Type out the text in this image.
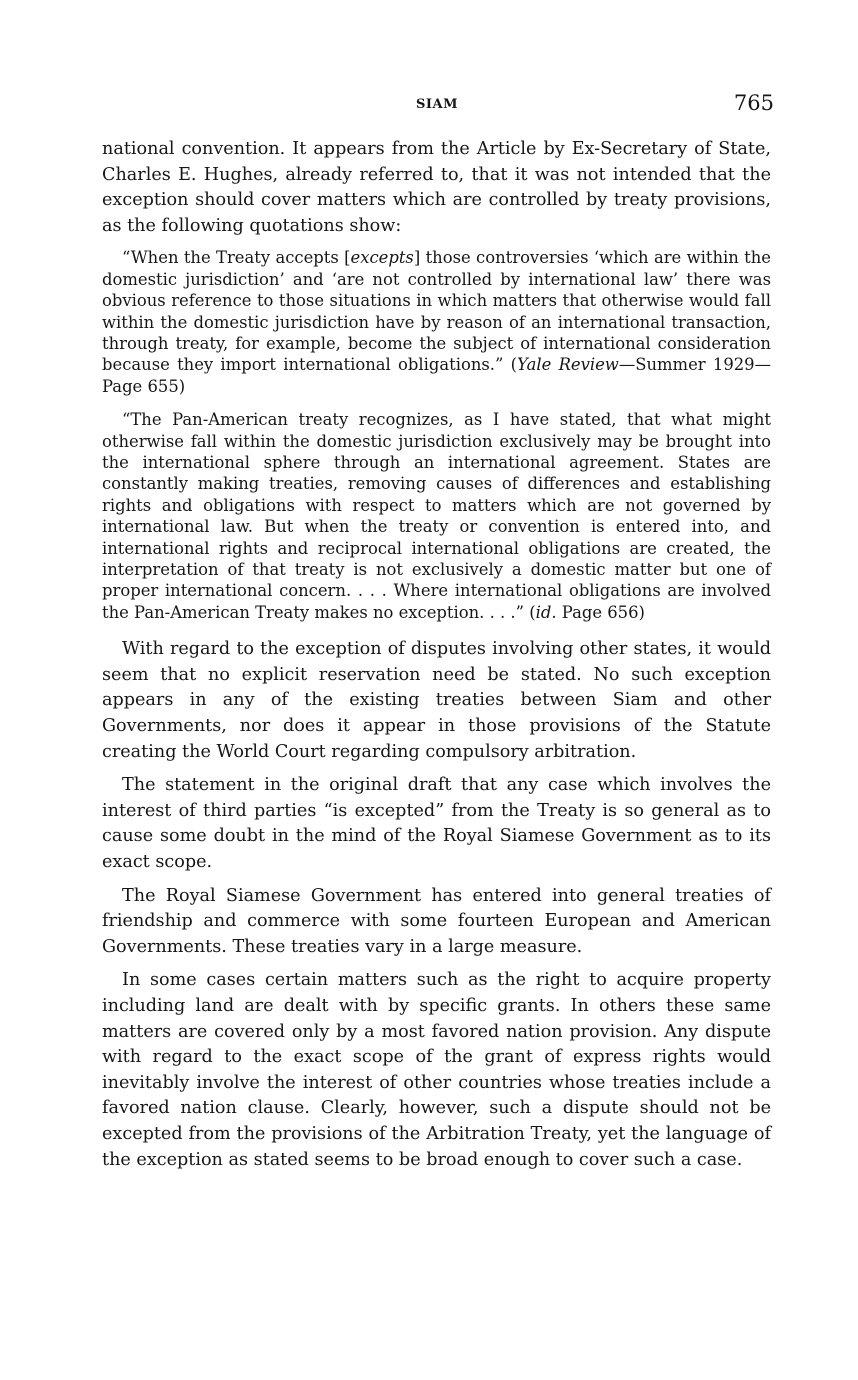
SIAM	765

national convention. It appears from the Article by Ex-Secretary of State, Charles E. Hughes, already referred to, that it was not intended that the exception should cover matters which are controlled by treaty provisions, as the following quotations show:

“When the Treaty accepts [excepts] those controversies ‘which are within the domestic jurisdiction’ and ‘are not controlled by international law’ there was obvious reference to those situations in which matters that otherwise would fall within the domestic jurisdiction have by reason of an international transaction, through treaty, for example, become the subject of international consideration because they import international obligations.” (Yale Review—Summer 1929—Page 655)

“The Pan-American treaty recognizes, as I have stated, that what might otherwise fall within the domestic jurisdiction exclusively may be brought into the international sphere through an international agreement. States are constantly making treaties, removing causes of differences and establishing rights and obligations with respect to matters which are not governed by international law. But when the treaty or convention is entered into, and international rights and reciprocal international obligations are created, the interpretation of that treaty is not exclusively a domestic matter but one of proper international concern. . . . Where international obligations are involved the Pan-American Treaty makes no exception. . . .” (id. Page 656)

With regard to the exception of disputes involving other states, it would seem that no explicit reservation need be stated. No such exception appears in any of the existing treaties between Siam and other Governments, nor does it appear in those provisions of the Statute creating the World Court regarding compulsory arbitration.

The statement in the original draft that any case which involves the interest of third parties “is excepted” from the Treaty is so general as to cause some doubt in the mind of the Royal Siamese Government as to its exact scope.

The Royal Siamese Government has entered into general treaties of friendship and commerce with some fourteen European and American Governments. These treaties vary in a large measure.

In some cases certain matters such as the right to acquire property including land are dealt with by specific grants. In others these same matters are covered only by a most favored nation provision. Any dispute with regard to the exact scope of the grant of express rights would inevitably involve the interest of other countries whose treaties include a favored nation clause. Clearly, however, such a dispute should not be excepted from the provisions of the Arbitration Treaty, yet the language of the exception as stated seems to be broad enough to cover such a case.
